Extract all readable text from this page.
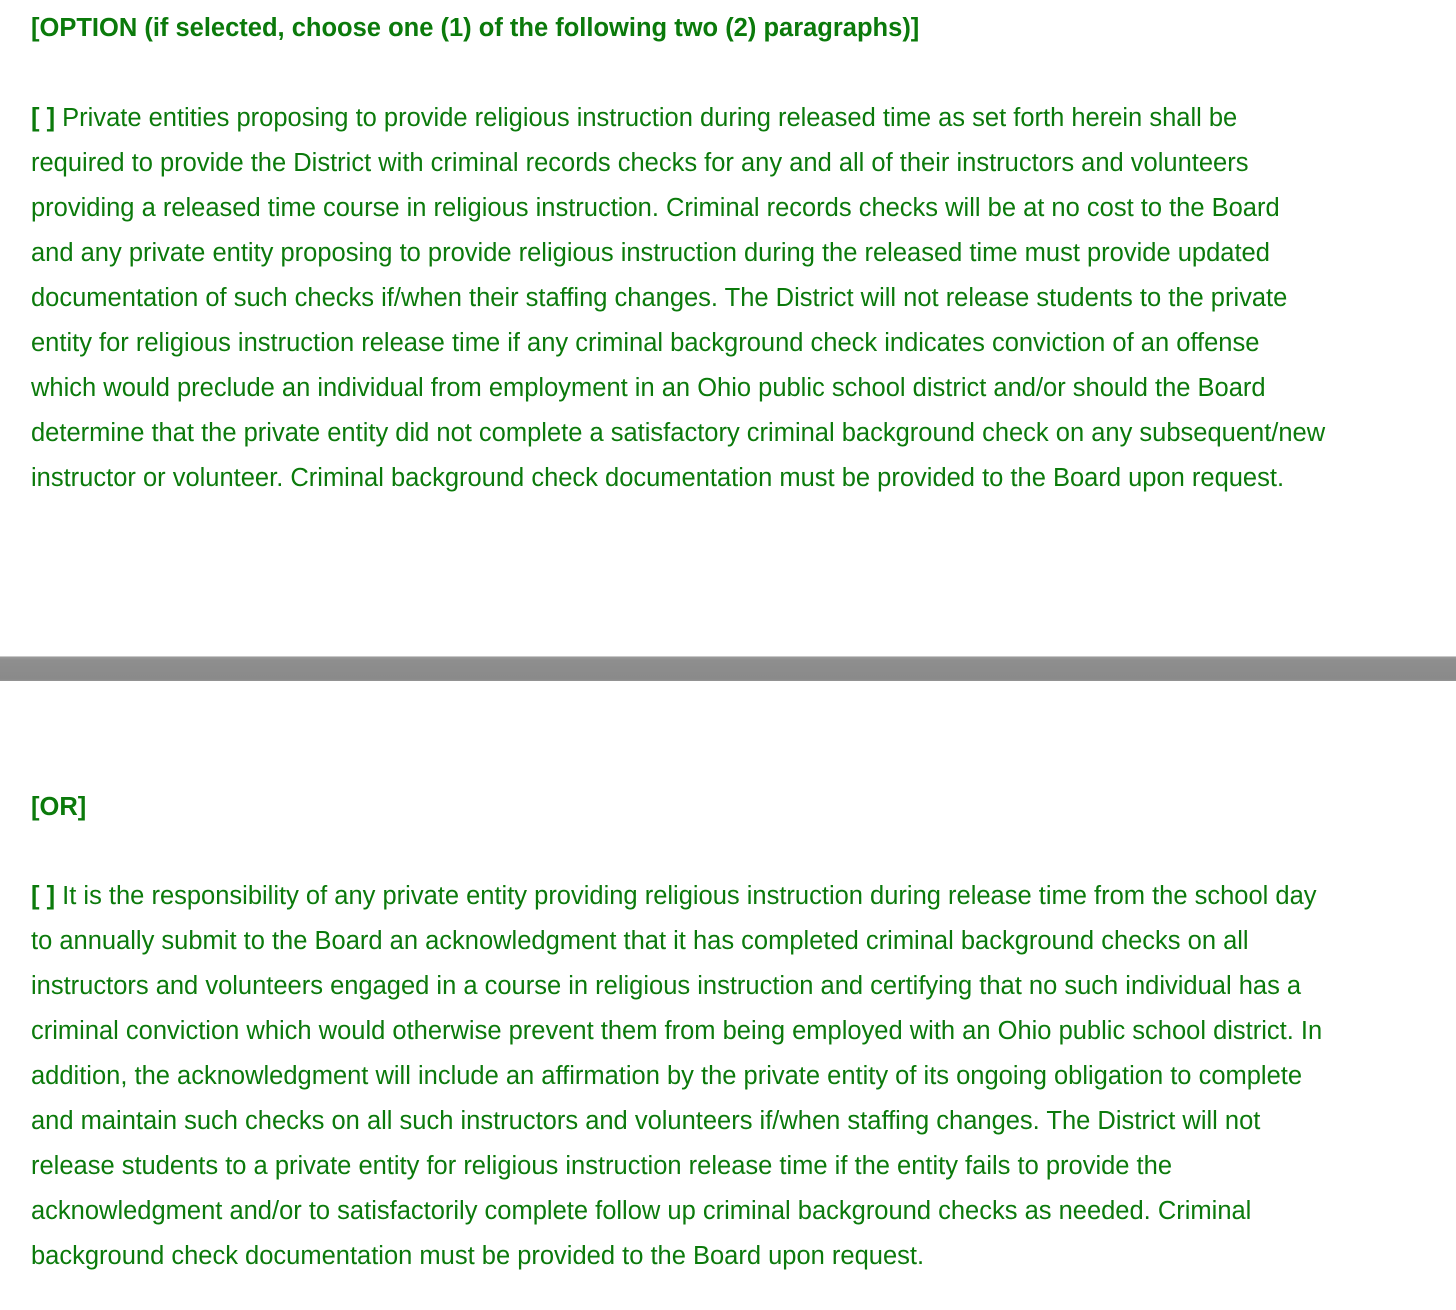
[OPTION (if selected, choose one (1) of the following two (2) paragraphs)]

[ ] Private entities proposing to provide religious instruction during released time as set forth herein shall be
required to provide the District with criminal records checks for any and all of their instructors and volunteers
providing a released time course in religious instruction. Criminal records checks will be at no cost to the Board
and any private entity proposing to provide religious instruction during the released time must provide updated
documentation of such checks if/when their staffing changes. The District will not release students to the private
entity for religious instruction release time if any criminal background check indicates conviction of an offense
which would preclude an individual from employment in an Ohio public school district and/or should the Board
determine that the private entity did not complete a satisfactory criminal background check on any subsequent/new
instructor or volunteer. Criminal background check documentation must be provided to the Board upon request.

[OR]

[ ] It is the responsibility of any private entity providing religious instruction during release time from the school day
to annually submit to the Board an acknowledgment that it has completed criminal background checks on all
instructors and volunteers engaged in a course in religious instruction and certifying that no such individual has a
criminal conviction which would otherwise prevent them from being employed with an Ohio public school district. In
addition, the acknowledgment will include an affirmation by the private entity of its ongoing obligation to complete
and maintain such checks on all such instructors and volunteers if/when staffing changes. The District will not
release students to a private entity for religious instruction release time if the entity fails to provide the
acknowledgment and/or to satisfactorily complete follow up criminal background checks as needed. Criminal
background check documentation must be provided to the Board upon request.
